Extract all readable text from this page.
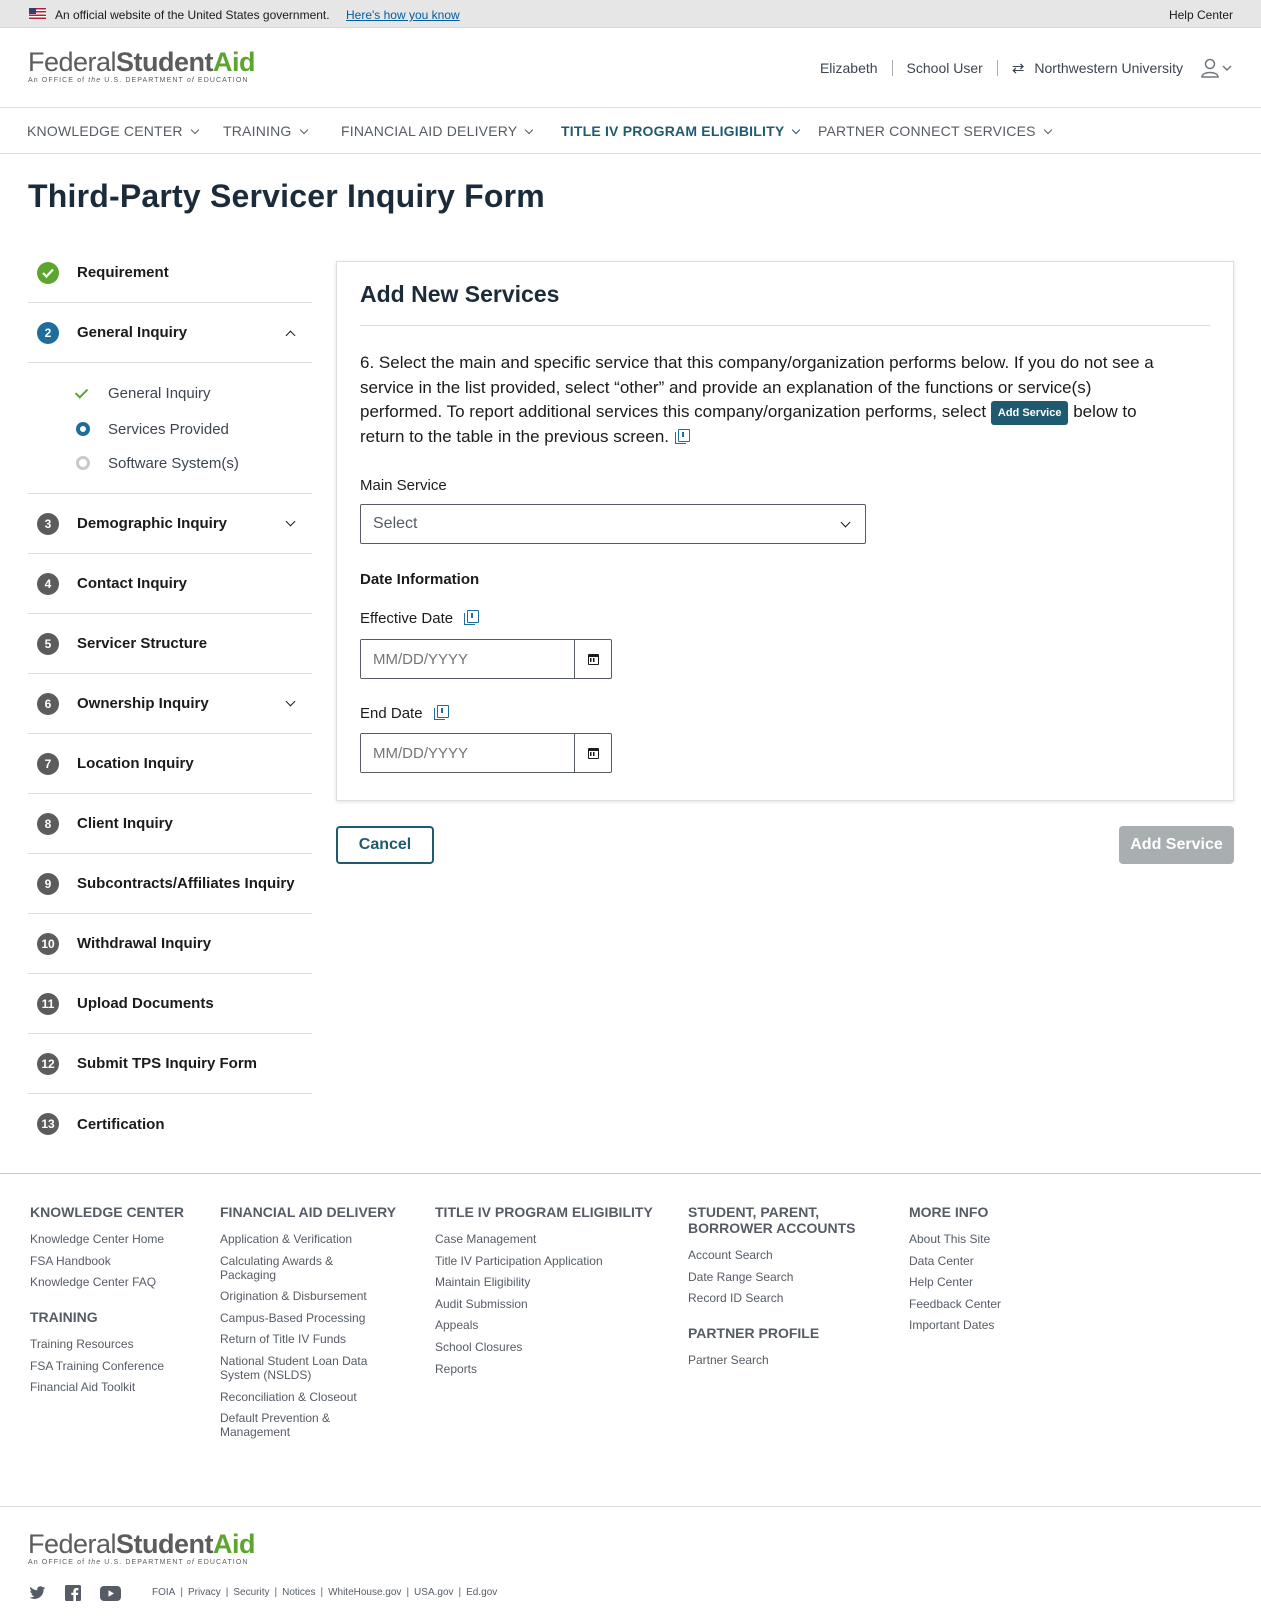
An official website of the United States government. Here's how you know	Help Center
FederalStudentAid
An OFFICE of the U.S. DEPARTMENT of EDUCATION
Elizabeth School User ⇄ Northwestern University
KNOWLEDGE CENTER	TRAINING	FINANCIAL AID DELIVERY	TITLE IV PROGRAM ELIGIBILITY	PARTNER CONNECT SERVICES
Third-Party Servicer Inquiry Form
Requirement
2	General Inquiry
General Inquiry
Services Provided
Software System(s)
3	Demographic Inquiry
4	Contact Inquiry
5	Servicer Structure
6	Ownership Inquiry
7	Location Inquiry
8	Client Inquiry
9	Subcontracts/Affiliates Inquiry
10 Withdrawal Inquiry
11	Upload Documents
12 Submit TPS Inquiry Form
13 Certification
Add New Services
6. Select the main and specific service that this company/organization performs below. If you do not see a service in the list provided, select “other” and provide an explanation of the functions or service(s) performed. To report additional services this company/organization performs, select Add Service below to return to the table in the previous screen.
Main Service
Select
Date Information
Effective Date
MM/DD/YYYY
End Date
MM/DD/YYYY
Cancel	Add Service
KNOWLEDGE CENTER
Knowledge Center Home
FSA Handbook
Knowledge Center FAQ
TRAINING
Training Resources
FSA Training Conference
Financial Aid Toolkit
FINANCIAL AID DELIVERY
Application & Verification
Calculating Awards & Packaging
Origination & Disbursement
Campus-Based Processing
Return of Title IV Funds
National Student Loan Data System (NSLDS)
Reconciliation & Closeout
Default Prevention & Management
TITLE IV PROGRAM ELIGIBILITY
Case Management
Title IV Participation Application
Maintain Eligibility
Audit Submission
Appeals
School Closures
Reports
STUDENT, PARENT, BORROWER ACCOUNTS
Account Search
Date Range Search
Record ID Search
PARTNER PROFILE
Partner Search
MORE INFO
About This Site
Data Center
Help Center
Feedback Center
Important Dates
FederalStudentAid
An OFFICE of the U.S. DEPARTMENT of EDUCATION
FOIA | Privacy | Security | Notices | WhiteHouse.gov | USA.gov | Ed.gov
